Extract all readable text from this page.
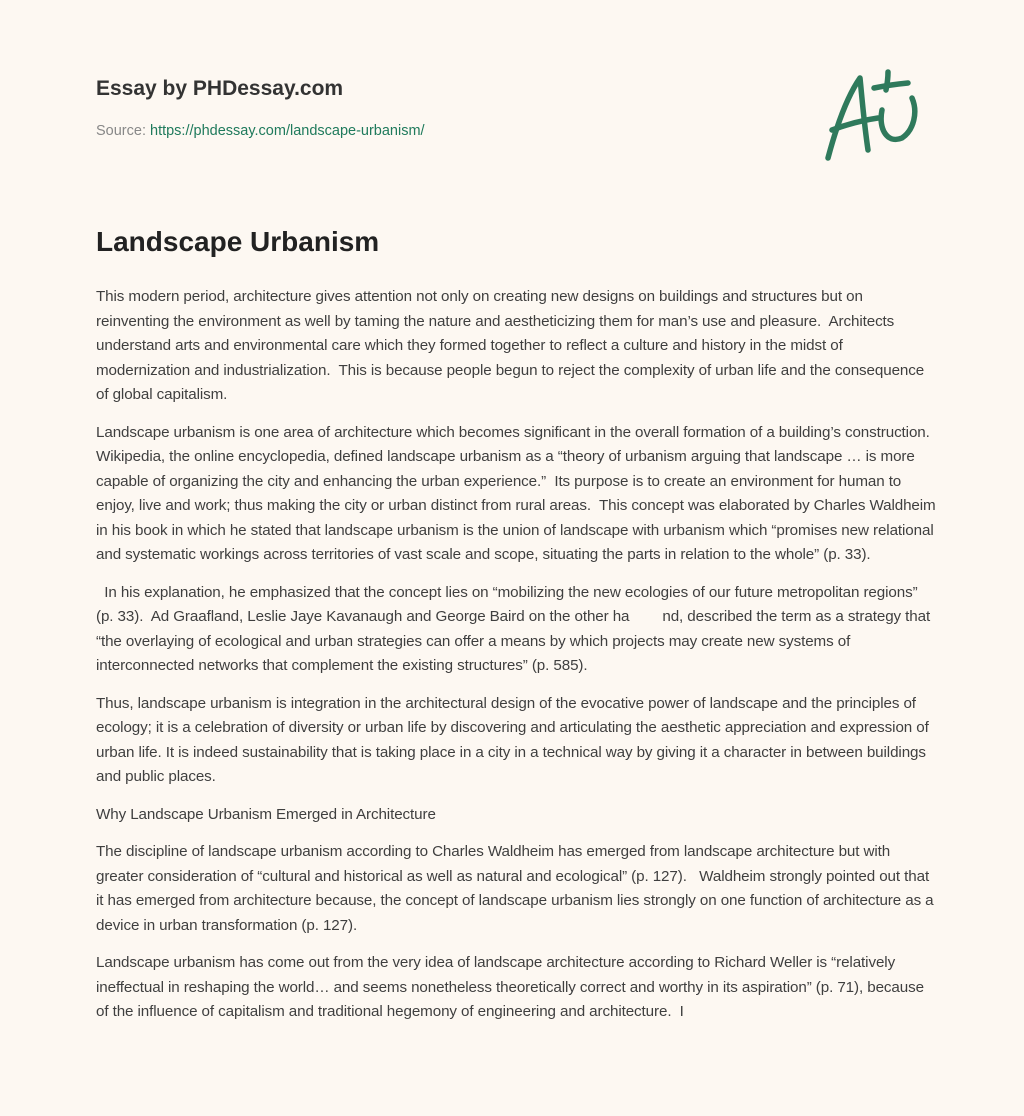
Essay by PHDessay.com
Source: https://phdessay.com/landscape-urbanism/
Landscape Urbanism

This modern period, architecture gives attention not only on creating new designs on buildings and structures but on reinventing the environment as well by taming the nature and aestheticizing them for man’s use and pleasure.  Architects understand arts and environmental care which they formed together to reflect a culture and history in the midst of modernization and industrialization.  This is because people begun to reject the complexity of urban life and the consequence of global capitalism.

Landscape urbanism is one area of architecture which becomes significant in the overall formation of a building’s construction.  Wikipedia, the online encyclopedia, defined landscape urbanism as a “theory of urbanism arguing that landscape … is more capable of organizing the city and enhancing the urban experience.”  Its purpose is to create an environment for human to enjoy, live and work; thus making the city or urban distinct from rural areas.  This concept was elaborated by Charles Waldheim in his book in which he stated that landscape urbanism is the union of landscape with urbanism which “promises new relational and systematic workings across territories of vast scale and scope, situating the parts in relation to the whole” (p. 33).

In his explanation, he emphasized that the concept lies on “mobilizing the new ecologies of our future metropolitan regions” (p. 33).  Ad Graafland, Leslie Jaye Kavanaugh and George Baird on the other ha        nd, described the term as a strategy that “the overlaying of ecological and urban strategies can offer a means by which projects may create new systems of interconnected networks that complement the existing structures” (p. 585).

Thus, landscape urbanism is integration in the architectural design of the evocative power of landscape and the principles of ecology; it is a celebration of diversity or urban life by discovering and articulating the aesthetic appreciation and expression of urban life. It is indeed sustainability that is taking place in a city in a technical way by giving it a character in between buildings and public places.

Why Landscape Urbanism Emerged in Architecture

The discipline of landscape urbanism according to Charles Waldheim has emerged from landscape architecture but with greater consideration of “cultural and historical as well as natural and ecological” (p. 127).   Waldheim strongly pointed out that it has emerged from architecture because, the concept of landscape urbanism lies strongly on one function of architecture as a device in urban transformation (p. 127).

Landscape urbanism has come out from the very idea of landscape architecture according to Richard Weller is “relatively ineffectual in reshaping the world… and seems nonetheless theoretically correct and worthy in its aspiration” (p. 71), because of the influence of capitalism and traditional hegemony of engineering and architecture.  I
